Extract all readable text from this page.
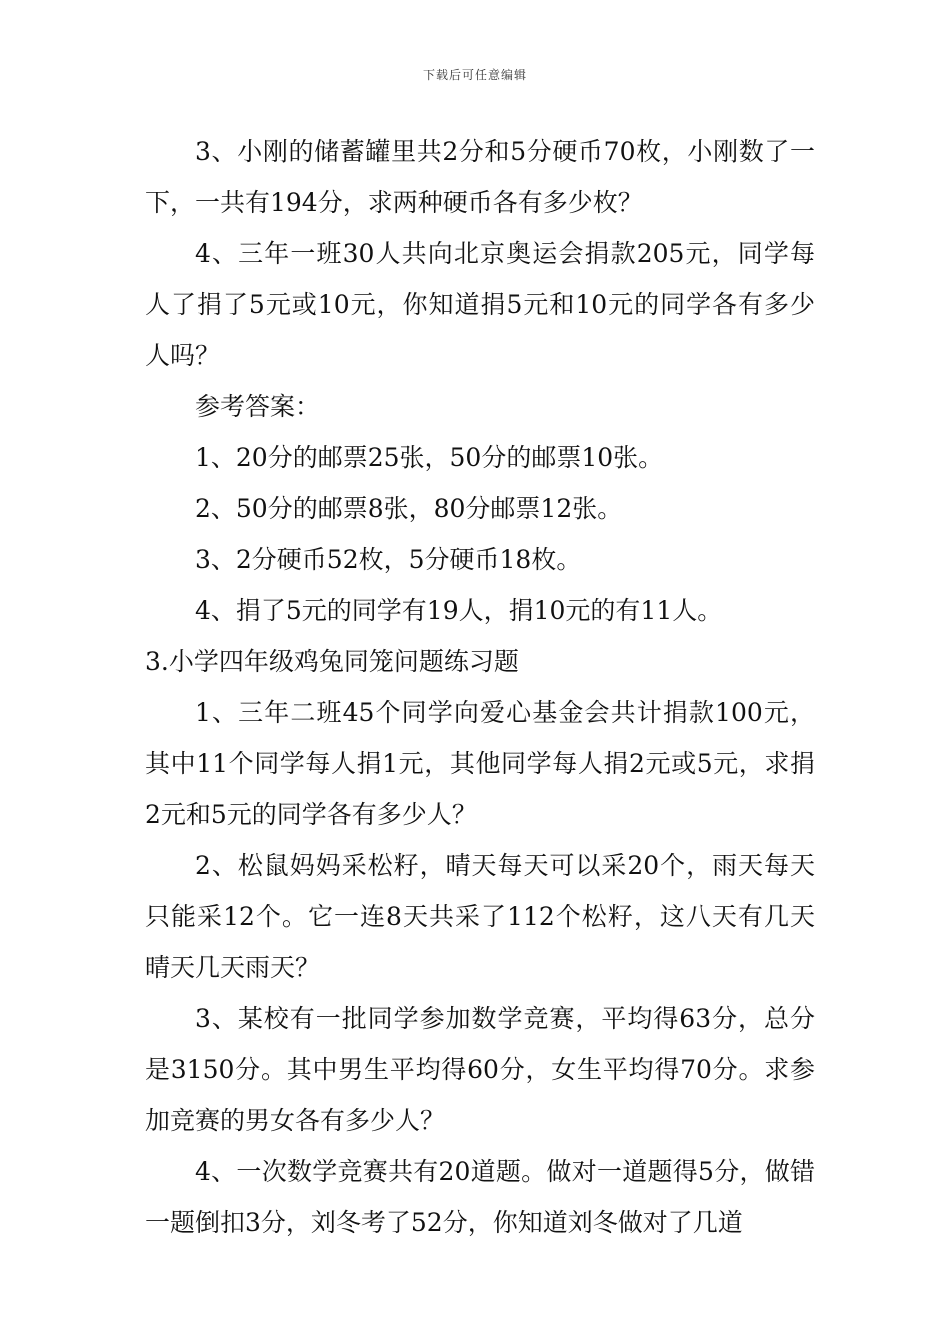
下载后可任意编辑

3、小刚的储蓄罐里共2分和5分硬币70枚，小刚数了一下，一共有194分，求两种硬币各有多少枚？

4、三年一班30人共向北京奥运会捐款205元，同学每人了捐了5元或10元，你知道捐5元和10元的同学各有多少人吗？

参考答案：

1、20分的邮票25张，50分的邮票10张。

2、50分的邮票8张，80分邮票12张。

3、2分硬币52枚，5分硬币18枚。

4、捐了5元的同学有19人，捐10元的有11人。

3.小学四年级鸡兔同笼问题练习题

1、三年二班45个同学向爱心基金会共计捐款100元，其中11个同学每人捐1元，其他同学每人捐2元或5元，求捐2元和5元的同学各有多少人？

2、松鼠妈妈采松籽，晴天每天可以采20个，雨天每天只能采12个。它一连8天共采了112个松籽，这八天有几天晴天几天雨天？

3、某校有一批同学参加数学竞赛，平均得63分，总分是3150分。其中男生平均得60分，女生平均得70分。求参加竞赛的男女各有多少人？

4、一次数学竞赛共有20道题。做对一道题得5分，做错一题倒扣3分，刘冬考了52分，你知道刘冬做对了几道
